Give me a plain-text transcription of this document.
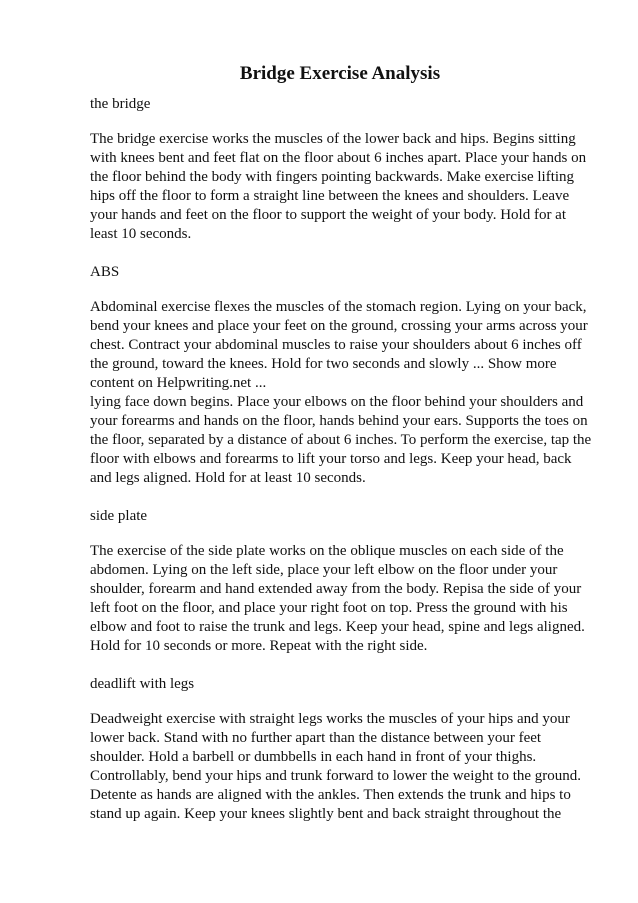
Bridge Exercise Analysis
the bridge

The bridge exercise works the muscles of the lower back and hips. Begins sitting with knees bent and feet flat on the floor about 6 inches apart. Place your hands on the floor behind the body with fingers pointing backwards. Make exercise lifting hips off the floor to form a straight line between the knees and shoulders. Leave your hands and feet on the floor to support the weight of your body. Hold for at least 10 seconds.

ABS

Abdominal exercise flexes the muscles of the stomach region. Lying on your back, bend your knees and place your feet on the ground, crossing your arms across your chest. Contract your abdominal muscles to raise your shoulders about 6 inches off the ground, toward the knees. Hold for two seconds and slowly ... Show more content on Helpwriting.net ...

lying face down begins. Place your elbows on the floor behind your shoulders and your forearms and hands on the floor, hands behind your ears. Supports the toes on the floor, separated by a distance of about 6 inches. To perform the exercise, tap the floor with elbows and forearms to lift your torso and legs. Keep your head, back and legs aligned. Hold for at least 10 seconds.

side plate

The exercise of the side plate works on the oblique muscles on each side of the abdomen. Lying on the left side, place your left elbow on the floor under your shoulder, forearm and hand extended away from the body. Repisa the side of your left foot on the floor, and place your right foot on top. Press the ground with his elbow and foot to raise the trunk and legs. Keep your head, spine and legs aligned. Hold for 10 seconds or more. Repeat with the right side.

deadlift with legs

Deadweight exercise with straight legs works the muscles of your hips and your lower back. Stand with no further apart than the distance between your feet shoulder. Hold a barbell or dumbbells in each hand in front of your thighs. Controllably, bend your hips and trunk forward to lower the weight to the ground. Detente as hands are aligned with the ankles. Then extends the trunk and hips to stand up again. Keep your knees slightly bent and back straight throughout the
